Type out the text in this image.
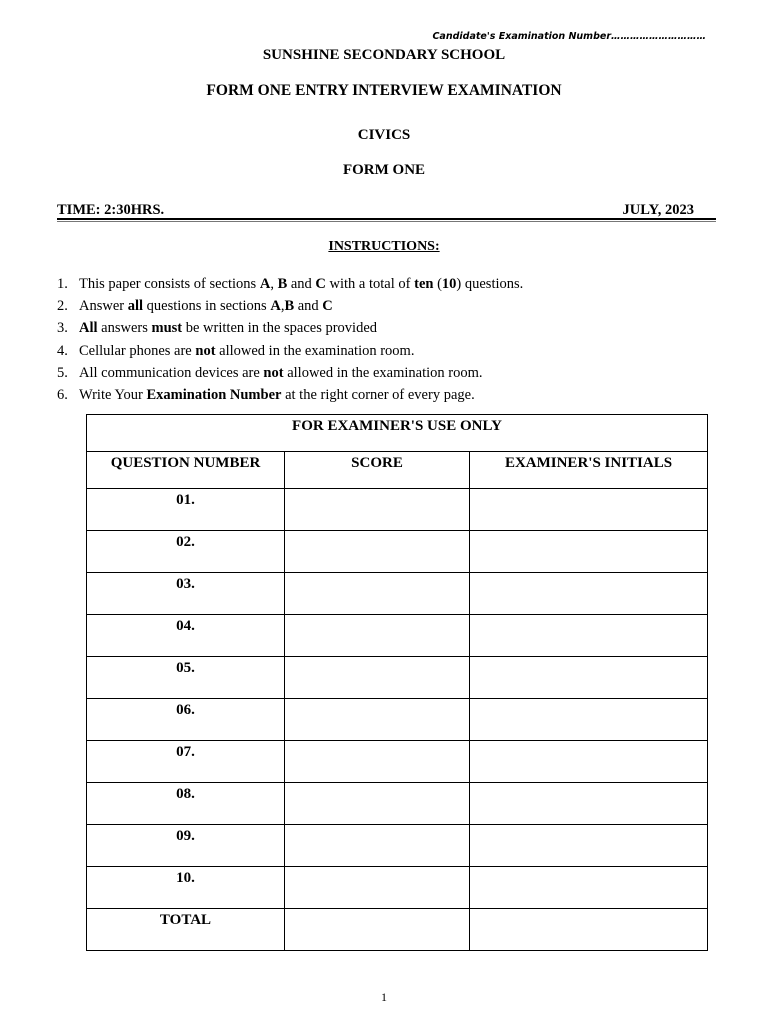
Candidate's Examination Number…………………………
SUNSHINE SECONDARY SCHOOL
FORM ONE ENTRY INTERVIEW EXAMINATION
CIVICS
FORM ONE
TIME: 2:30HRS.	JULY, 2023
INSTRUCTIONS:
1. This paper consists of sections A, B and C with a total of ten (10) questions.
2. Answer all questions in sections A,B and C
3. All answers must be written in the spaces provided
4. Cellular phones are not allowed in the examination room.
5. All communication devices are not allowed in the examination room.
6. Write Your Examination Number at the right corner of every page.
FOR EXAMINER'S USE ONLY		
QUESTION NUMBER	SCORE	EXAMINER'S INITIALS
01.		
02.		
03.		
04.		
05.		
06.		
07.		
08.		
09.		
10.		
TOTAL		
1
